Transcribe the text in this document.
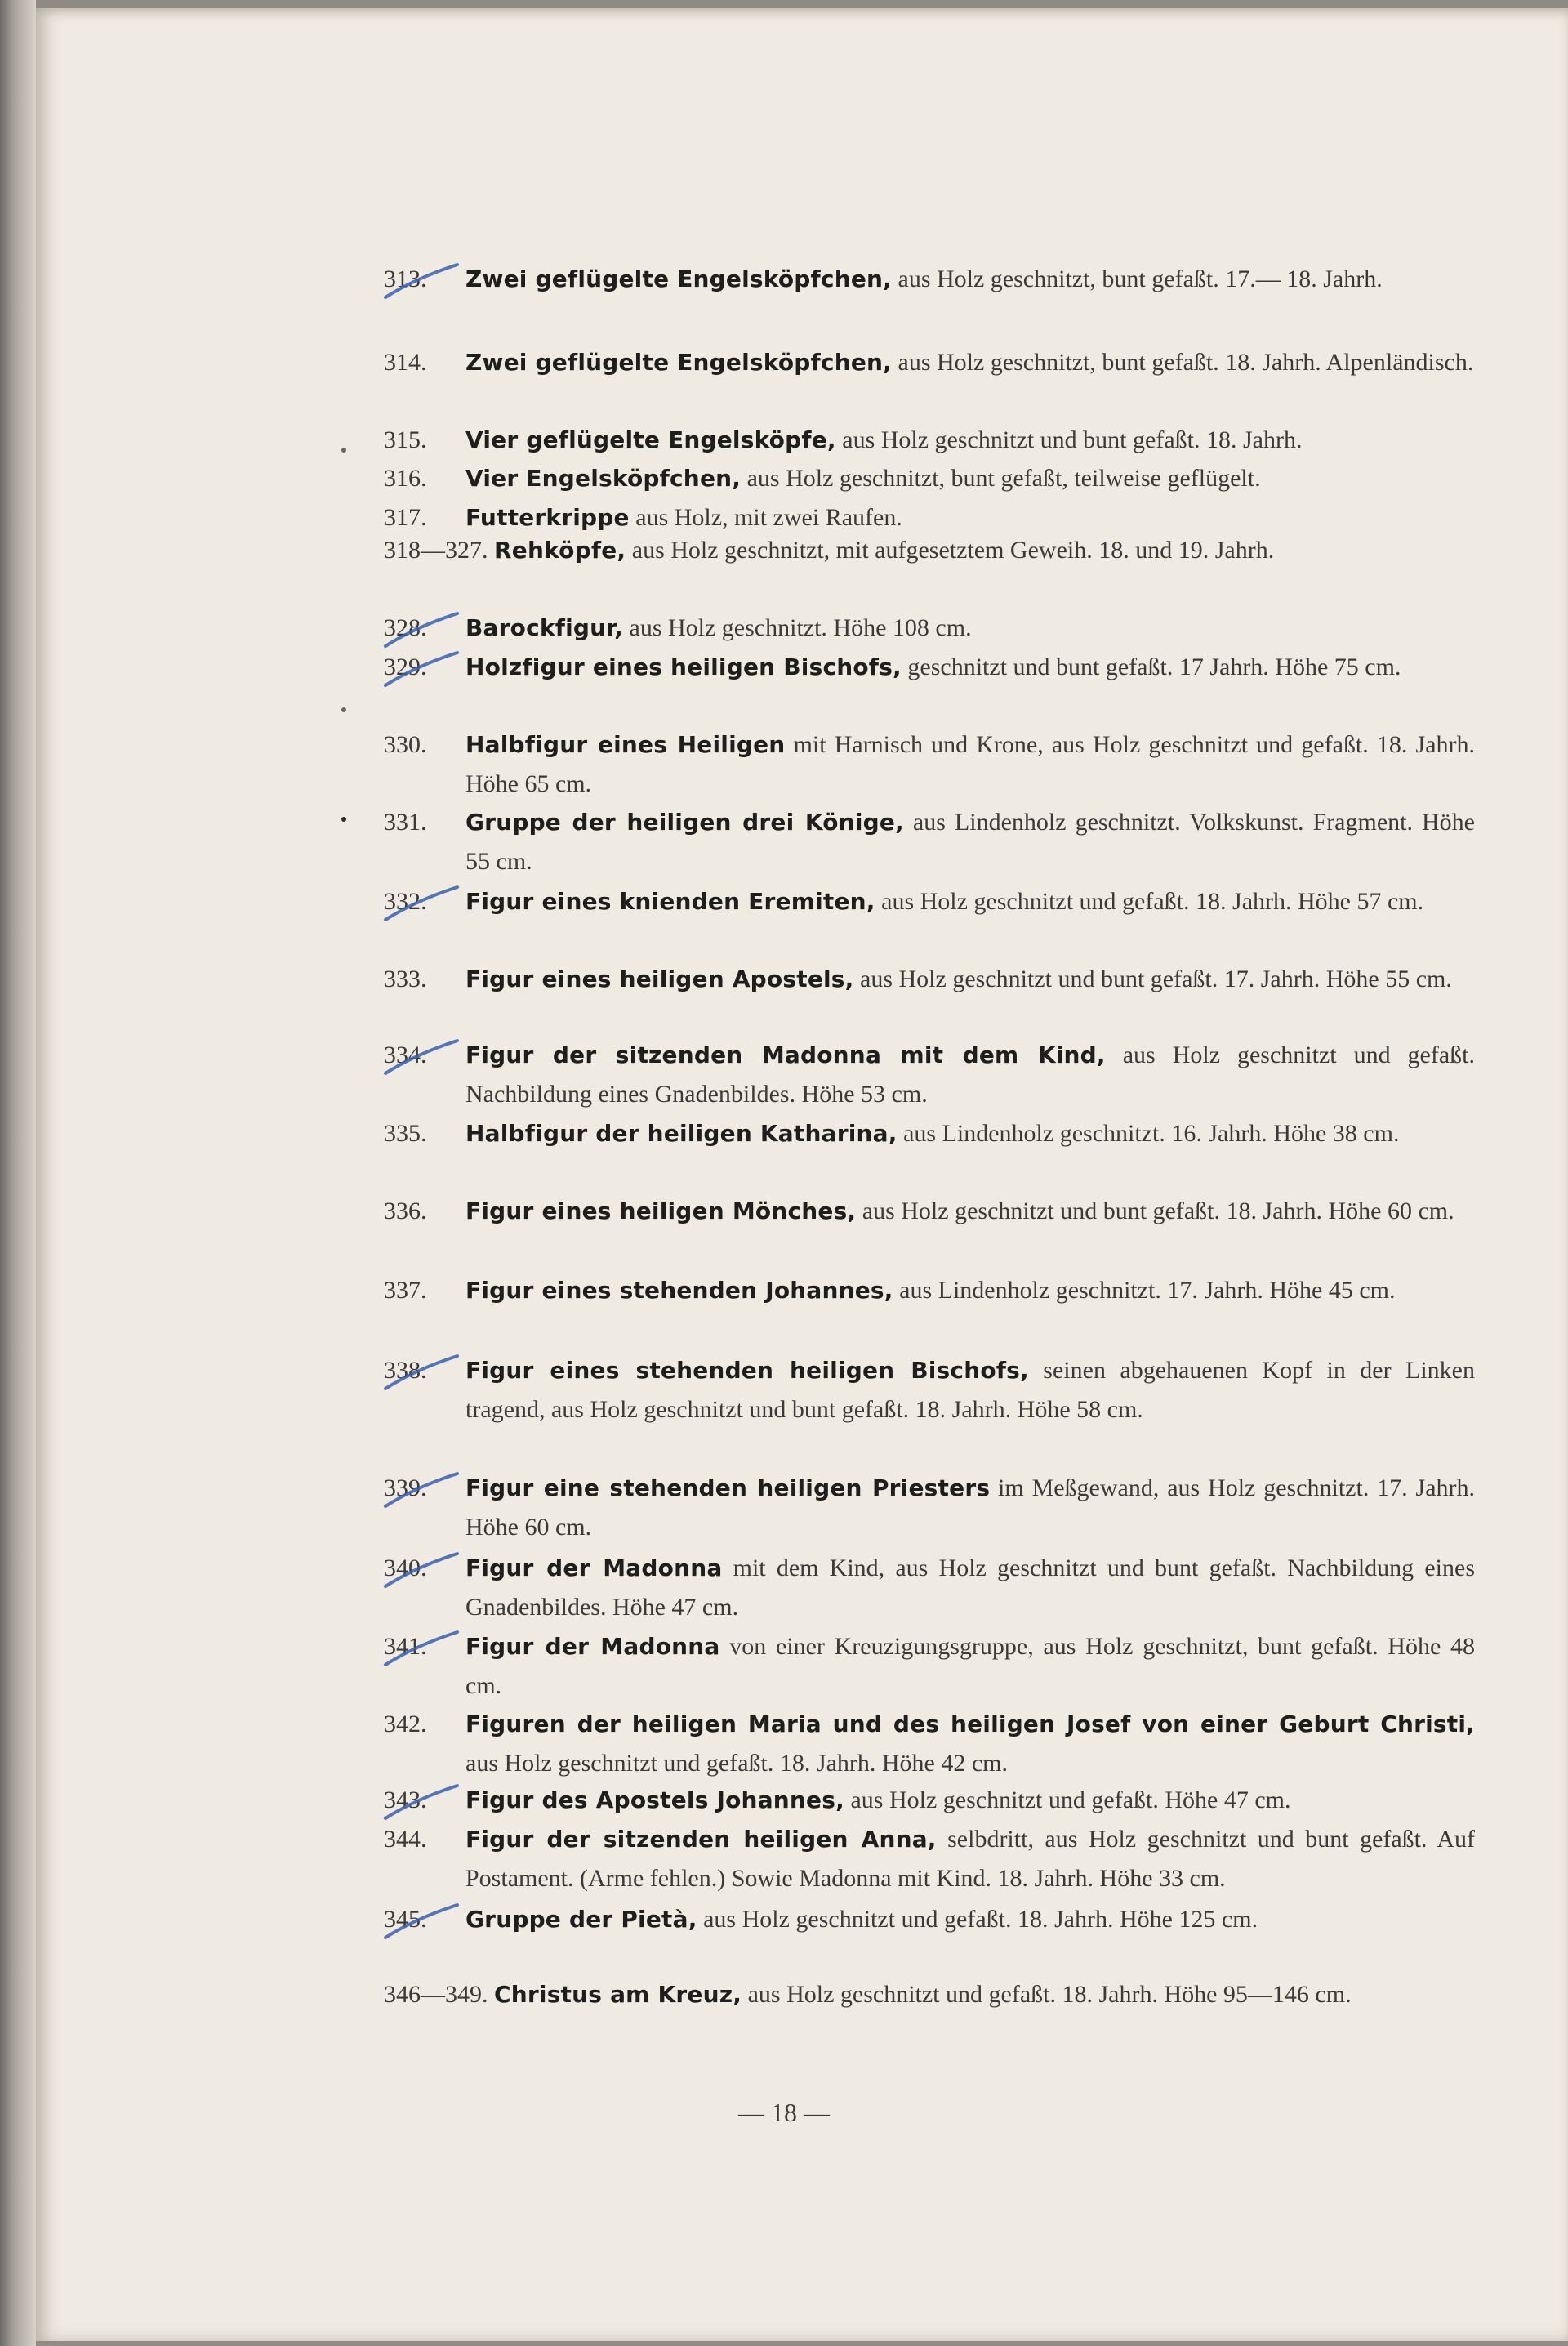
313. Zwei geflügelte Engelsköpfchen, aus Holz geschnitzt, bunt gefaßt. 17.— 18. Jahrh.
314. Zwei geflügelte Engelsköpfchen, aus Holz geschnitzt, bunt gefaßt. 18. Jahrh. Alpenländisch.
315. Vier geflügelte Engelsköpfe, aus Holz geschnitzt und bunt gefaßt. 18. Jahrh.
316. Vier Engelsköpfchen, aus Holz geschnitzt, bunt gefaßt, teilweise geflügelt.
317. Futterkrippe aus Holz, mit zwei Raufen.
318—327. Rehköpfe, aus Holz geschnitzt, mit aufgesetztem Geweih. 18. und 19. Jahrh.
328. Barockfigur, aus Holz geschnitzt. Höhe 108 cm.
329. Holzfigur eines heiligen Bischofs, geschnitzt und bunt gefaßt. 17 Jahrh. Höhe 75 cm.
330. Halbfigur eines Heiligen mit Harnisch und Krone, aus Holz geschnitzt und gefaßt. 18. Jahrh. Höhe 65 cm.
331. Gruppe der heiligen drei Könige, aus Lindenholz geschnitzt. Volkskunst. Fragment. Höhe 55 cm.
332. Figur eines knienden Eremiten, aus Holz geschnitzt und gefaßt. 18. Jahrh. Höhe 57 cm.
333. Figur eines heiligen Apostels, aus Holz geschnitzt und bunt gefaßt. 17. Jahrh. Höhe 55 cm.
334. Figur der sitzenden Madonna mit dem Kind, aus Holz geschnitzt und gefaßt. Nachbildung eines Gnadenbildes. Höhe 53 cm.
335. Halbfigur der heiligen Katharina, aus Lindenholz geschnitzt. 16. Jahrh. Höhe 38 cm.
336. Figur eines heiligen Mönches, aus Holz geschnitzt und bunt gefaßt. 18. Jahrh. Höhe 60 cm.
337. Figur eines stehenden Johannes, aus Lindenholz geschnitzt. 17. Jahrh. Höhe 45 cm.
338. Figur eines stehenden heiligen Bischofs, seinen abgehauenen Kopf in der Linken tragend, aus Holz geschnitzt und bunt gefaßt. 18. Jahrh. Höhe 58 cm.
339. Figur eine stehenden heiligen Priesters im Meßgewand, aus Holz geschnitzt. 17. Jahrh. Höhe 60 cm.
340. Figur der Madonna mit dem Kind, aus Holz geschnitzt und bunt gefaßt. Nachbildung eines Gnadenbildes. Höhe 47 cm.
341. Figur der Madonna von einer Kreuzigungsgruppe, aus Holz geschnitzt, bunt gefaßt. Höhe 48 cm.
342. Figuren der heiligen Maria und des heiligen Josef von einer Geburt Christi, aus Holz geschnitzt und gefaßt. 18. Jahrh. Höhe 42 cm.
343. Figur des Apostels Johannes, aus Holz geschnitzt und gefaßt. Höhe 47 cm.
344. Figur der sitzenden heiligen Anna, selbdritt, aus Holz geschnitzt und bunt gefaßt. Auf Postament. (Arme fehlen.) Sowie Madonna mit Kind. 18. Jahrh. Höhe 33 cm.
345. Gruppe der Pietà, aus Holz geschnitzt und gefaßt. 18. Jahrh. Höhe 125 cm.
346—349. Christus am Kreuz, aus Holz geschnitzt und gefaßt. 18. Jahrh. Höhe 95—146 cm.
— 18 —
